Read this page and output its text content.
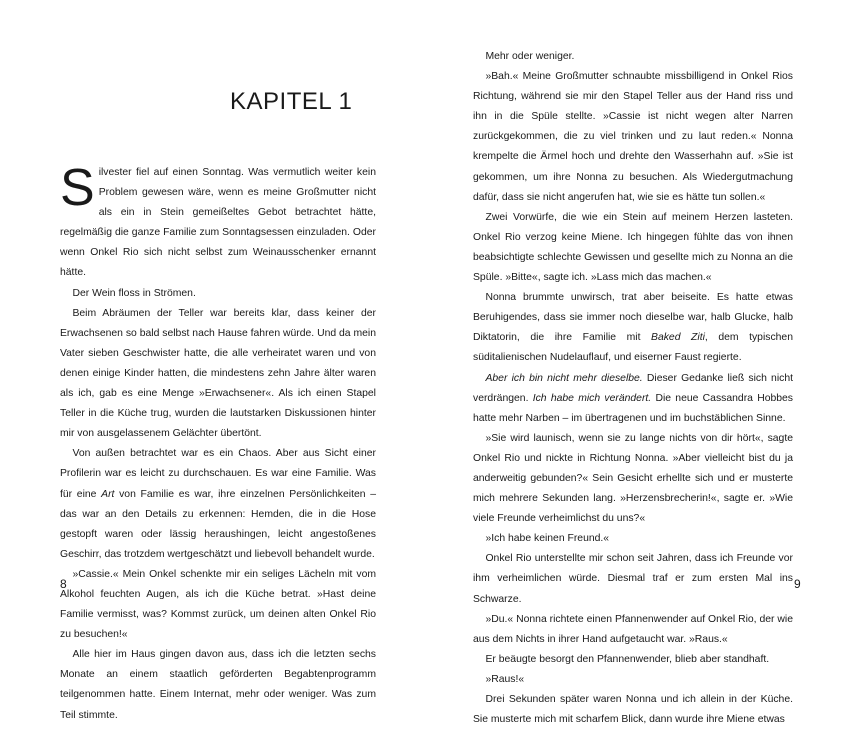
KAPITEL 1

Silvester fiel auf einen Sonntag. Was vermutlich weiter kein Problem gewesen wäre, wenn es meine Großmutter nicht als ein in Stein gemeißeltes Gebot betrachtet hätte, regelmäßig die ganze Familie zum Sonntagsessen einzuladen. Oder wenn Onkel Rio sich nicht selbst zum Weinausschenker ernannt hätte.

Der Wein floss in Strömen.

Beim Abräumen der Teller war bereits klar, dass keiner der Erwachsenen so bald selbst nach Hause fahren würde. Und da mein Vater sieben Geschwister hatte, die alle verheiratet waren und von denen einige Kinder hatten, die mindestens zehn Jahre älter waren als ich, gab es eine Menge »Erwachsener«. Als ich einen Stapel Teller in die Küche trug, wurden die lautstarken Diskussionen hinter mir von ausgelassenem Gelächter übertönt.

Von außen betrachtet war es ein Chaos. Aber aus Sicht einer Profilerin war es leicht zu durchschauen. Es war eine Familie. Was für eine Art von Familie es war, ihre einzelnen Persönlichkeiten – das war an den Details zu erkennen: Hemden, die in die Hose gestopft waren oder lässig heraushingen, leicht angestoßenes Geschirr, das trotzdem wertgeschätzt und liebevoll behandelt wurde.

»Cassie.« Mein Onkel schenkte mir ein seliges Lächeln mit vom Alkohol feuchten Augen, als ich die Küche betrat. »Hast deine Familie vermisst, was? Kommst zurück, um deinen alten Onkel Rio zu besuchen!«

Alle hier im Haus gingen davon aus, dass ich die letzten sechs Monate an einem staatlich geförderten Begabtenprogramm teilgenommen hatte. Einem Internat, mehr oder weniger. Was zum Teil stimmte.

8

Mehr oder weniger.

»Bah.« Meine Großmutter schnaubte missbilligend in Onkel Rios Richtung, während sie mir den Stapel Teller aus der Hand riss und ihn in die Spüle stellte. »Cassie ist nicht wegen alter Narren zurückgekommen, die zu viel trinken und zu laut reden.« Nonna krempelte die Ärmel hoch und drehte den Wasserhahn auf. »Sie ist gekommen, um ihre Nonna zu besuchen. Als Wiedergutmachung dafür, dass sie nicht angerufen hat, wie sie es hätte tun sollen.«

Zwei Vorwürfe, die wie ein Stein auf meinem Herzen lasteten. Onkel Rio verzog keine Miene. Ich hingegen fühlte das von ihnen beabsichtigte schlechte Gewissen und gesellte mich zu Nonna an die Spüle. »Bitte«, sagte ich. »Lass mich das machen.«

Nonna brummte unwirsch, trat aber beiseite. Es hatte etwas Beruhigendes, dass sie immer noch dieselbe war, halb Glucke, halb Diktatorin, die ihre Familie mit Baked Ziti, dem typischen süditalienischen Nudelauflauf, und eiserner Faust regierte.

Aber ich bin nicht mehr dieselbe. Dieser Gedanke ließ sich nicht verdrängen. Ich habe mich verändert. Die neue Cassandra Hobbes hatte mehr Narben – im übertragenen und im buchstäblichen Sinne.

»Sie wird launisch, wenn sie zu lange nichts von dir hört«, sagte Onkel Rio und nickte in Richtung Nonna. »Aber vielleicht bist du ja anderweitig gebunden?« Sein Gesicht erhellte sich und er musterte mich mehrere Sekunden lang. »Herzensbrecherin!«, sagte er. »Wie viele Freunde verheimlichst du uns?«

»Ich habe keinen Freund.«

Onkel Rio unterstellte mir schon seit Jahren, dass ich Freunde vor ihm verheimlichen würde. Diesmal traf er zum ersten Mal ins Schwarze.

»Du.« Nonna richtete einen Pfannenwender auf Onkel Rio, der wie aus dem Nichts in ihrer Hand aufgetaucht war. »Raus.«

Er beäugte besorgt den Pfannenwender, blieb aber standhaft.

»Raus!«

Drei Sekunden später waren Nonna und ich allein in der Küche. Sie musterte mich mit scharfem Blick, dann wurde ihre Miene etwas

9
